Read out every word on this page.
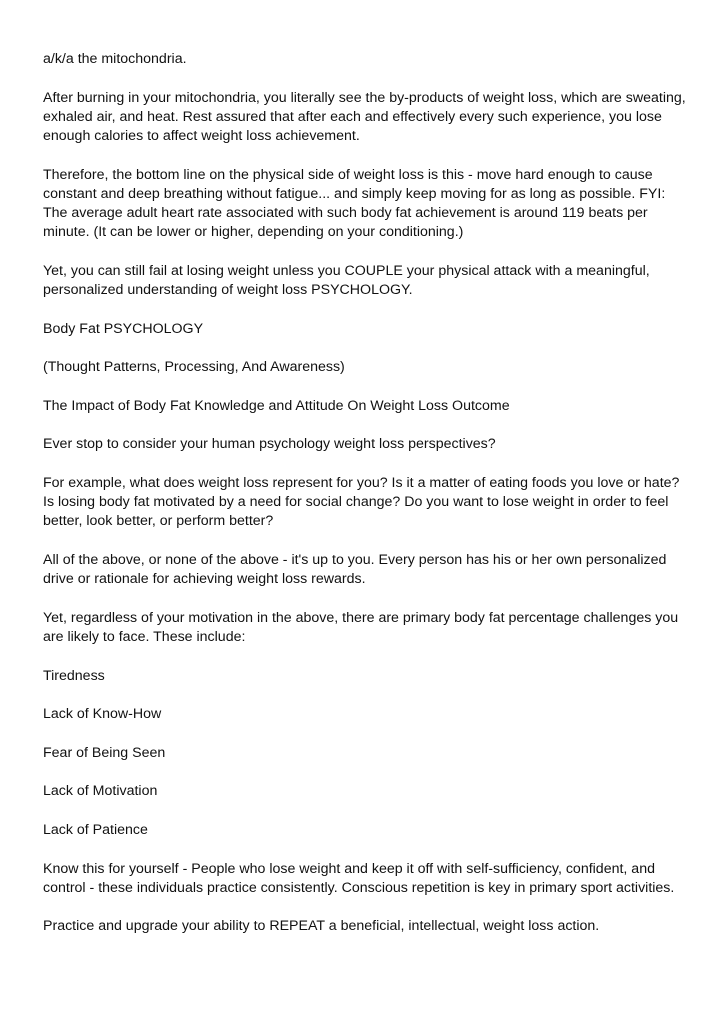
a/k/a the mitochondria.

After burning in your mitochondria, you literally see the by-products of weight loss, which are sweating, exhaled air, and heat. Rest assured that after each and effectively every such experience, you lose enough calories to affect weight loss achievement.

Therefore, the bottom line on the physical side of weight loss is this - move hard enough to cause constant and deep breathing without fatigue... and simply keep moving for as long as possible. FYI: The average adult heart rate associated with such body fat achievement is around 119 beats per minute. (It can be lower or higher, depending on your conditioning.)

Yet, you can still fail at losing weight unless you COUPLE your physical attack with a meaningful, personalized understanding of weight loss PSYCHOLOGY.

Body Fat PSYCHOLOGY

(Thought Patterns, Processing, And Awareness)

The Impact of Body Fat Knowledge and Attitude On Weight Loss Outcome

Ever stop to consider your human psychology weight loss perspectives?

For example, what does weight loss represent for you? Is it a matter of eating foods you love or hate? Is losing body fat motivated by a need for social change? Do you want to lose weight in order to feel better, look better, or perform better?

All of the above, or none of the above - it's up to you. Every person has his or her own personalized drive or rationale for achieving weight loss rewards.

Yet, regardless of your motivation in the above, there are primary body fat percentage challenges you are likely to face. These include:

Tiredness

Lack of Know-How

Fear of Being Seen

Lack of Motivation

Lack of Patience

Know this for yourself - People who lose weight and keep it off with self-sufficiency, confident, and control - these individuals practice consistently. Conscious repetition is key in primary sport activities.

Practice and upgrade your ability to REPEAT a beneficial, intellectual, weight loss action.
